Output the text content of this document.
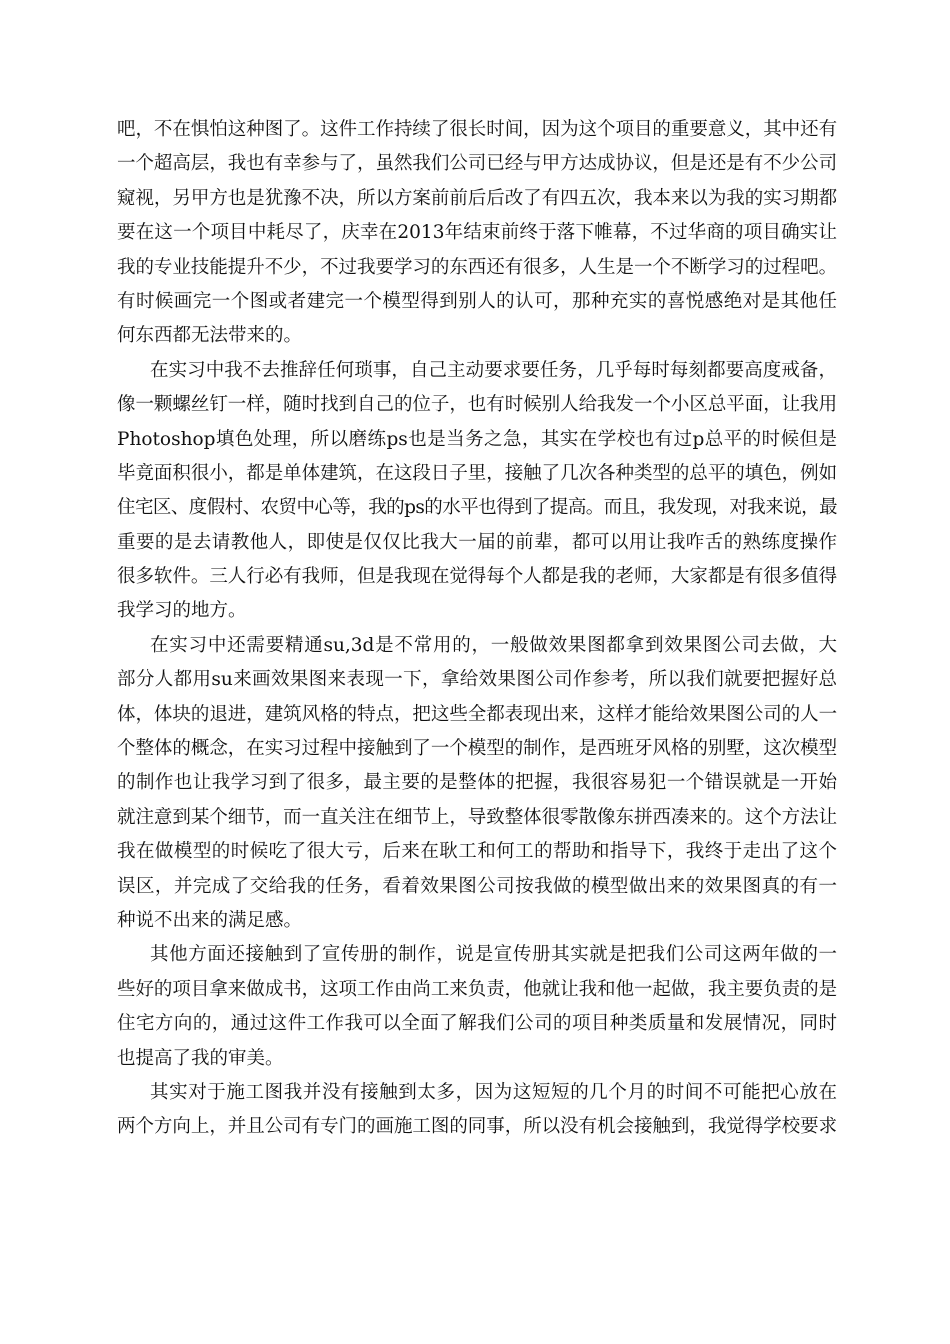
吧，不在惧怕这种图了。这件工作持续了很长时间，因为这个项目的重要意义，其中还有
一个超高层，我也有幸参与了，虽然我们公司已经与甲方达成协议，但是还是有不少公司
窥视，另甲方也是犹豫不决，所以方案前前后后改了有四五次，我本来以为我的实习期都
要在这一个项目中耗尽了，庆幸在2013年结束前终于落下帷幕，不过华商的项目确实让
我的专业技能提升不少，不过我要学习的东西还有很多，人生是一个不断学习的过程吧。
有时候画完一个图或者建完一个模型得到别人的认可，那种充实的喜悦感绝对是其他任
何东西都无法带来的。
在实习中我不去推辞任何琐事，自己主动要求要任务，几乎每时每刻都要高度戒备，
像一颗螺丝钉一样，随时找到自己的位子，也有时候别人给我发一个小区总平面，让我用
Photoshop填色处理，所以磨练ps也是当务之急，其实在学校也有过p总平的时候但是
毕竟面积很小，都是单体建筑，在这段日子里，接触了几次各种类型的总平的填色，例如
住宅区、度假村、农贸中心等，我的ps的水平也得到了提高。而且，我发现，对我来说，最
重要的是去请教他人，即使是仅仅比我大一届的前辈，都可以用让我咋舌的熟练度操作
很多软件。三人行必有我师，但是我现在觉得每个人都是我的老师，大家都是有很多值得
我学习的地方。
在实习中还需要精通su,3d是不常用的，一般做效果图都拿到效果图公司去做，大
部分人都用su来画效果图来表现一下，拿给效果图公司作参考，所以我们就要把握好总
体，体块的退进，建筑风格的特点，把这些全都表现出来，这样才能给效果图公司的人一
个整体的概念，在实习过程中接触到了一个模型的制作，是西班牙风格的别墅，这次模型
的制作也让我学习到了很多，最主要的是整体的把握，我很容易犯一个错误就是一开始
就注意到某个细节，而一直关注在细节上，导致整体很零散像东拼西凑来的。这个方法让
我在做模型的时候吃了很大亏，后来在耿工和何工的帮助和指导下，我终于走出了这个
误区，并完成了交给我的任务，看着效果图公司按我做的模型做出来的效果图真的有一
种说不出来的满足感。
其他方面还接触到了宣传册的制作，说是宣传册其实就是把我们公司这两年做的一
些好的项目拿来做成书，这项工作由尚工来负责，他就让我和他一起做，我主要负责的是
住宅方向的，通过这件工作我可以全面了解我们公司的项目种类质量和发展情况，同时
也提高了我的审美。
其实对于施工图我并没有接触到太多，因为这短短的几个月的时间不可能把心放在
两个方向上，并且公司有专门的画施工图的同事，所以没有机会接触到，我觉得学校要求
